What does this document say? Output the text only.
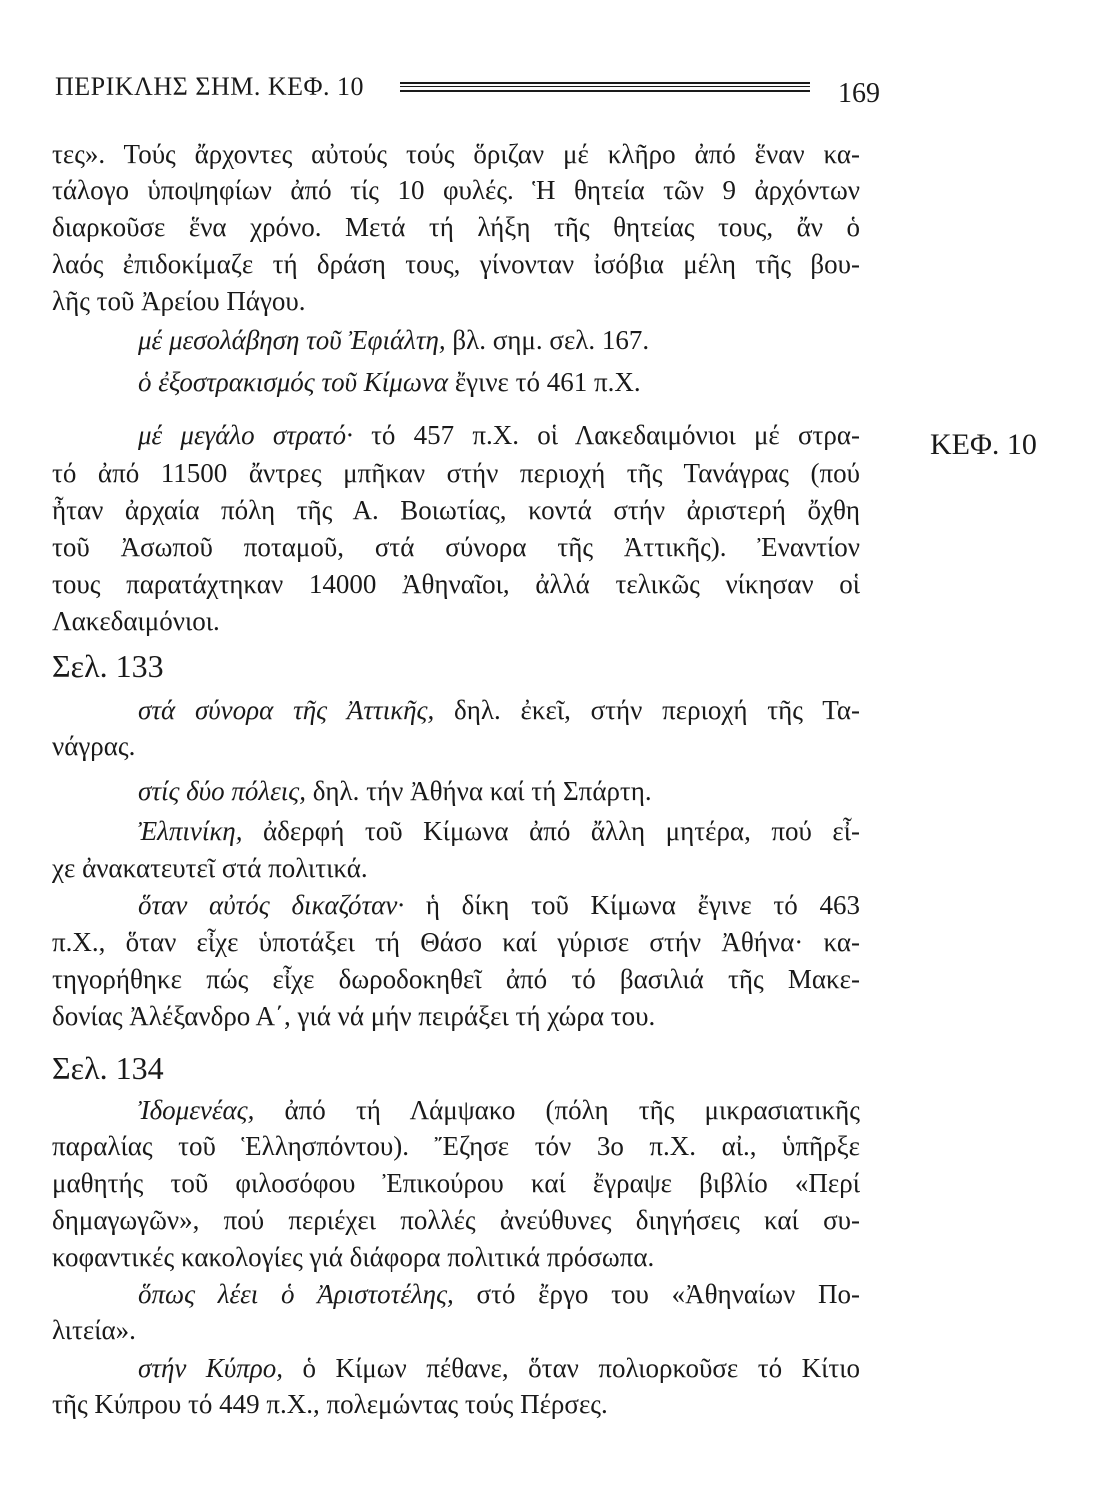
ΠΕΡΙΚΛΗΣ ΣΗΜ. ΚΕΦ. 10	169
ΚΕΦ. 10
τες». Τούς ἄρχοντες αὐτούς τούς ὅριζαν μέ κλῆρο ἀπό ἕναν κα-
τάλογο ὑποψηφίων ἀπό τίς 10 φυλές. Ἡ θητεία τῶν 9 ἀρχόντων
διαρκοῦσε ἕνα χρόνο. Μετά τή λήξη τῆς θητείας τους, ἄν ὁ
λαός ἐπιδοκίμαζε τή δράση τους, γίνονταν ἰσόβια μέλη τῆς βου-
λῆς τοῦ Ἀρείου Πάγου.
μέ μεσολάβηση τοῦ Ἐφιάλτη, βλ. σημ. σελ. 167.
ὁ ἐξοστρακισμός τοῦ Κίμωνα ἔγινε τό 461 π.Χ.
μέ μεγάλο στρατό· τό 457 π.Χ. οἱ Λακεδαιμόνιοι μέ στρα-
τό ἀπό 11500 ἄντρες μπῆκαν στήν περιοχή τῆς Τανάγρας (πού
ἦταν ἀρχαία πόλη τῆς Α. Βοιωτίας, κοντά στήν ἀριστερή ὄχθη
τοῦ Ἀσωποῦ ποταμοῦ, στά σύνορα τῆς Ἀττικῆς). Ἐναντίον
τους παρατάχτηκαν 14000 Ἀθηναῖοι, ἀλλά τελικῶς νίκησαν οἱ
Λακεδαιμόνιοι.
Σελ. 133
στά σύνορα τῆς Ἀττικῆς, δηλ. ἐκεῖ, στήν περιοχή τῆς Τα-
νάγρας.
στίς δύο πόλεις, δηλ. τήν Ἀθήνα καί τή Σπάρτη.
Ἐλπινίκη, ἀδερφή τοῦ Κίμωνα ἀπό ἄλλη μητέρα, πού εἶ-
χε ἀνακατευτεῖ στά πολιτικά.
ὅταν αὐτός δικαζόταν· ἡ δίκη τοῦ Κίμωνα ἔγινε τό 463
π.Χ., ὅταν εἶχε ὑποτάξει τή Θάσο καί γύρισε στήν Ἀθήνα· κα-
τηγορήθηκε πώς εἶχε δωροδοκηθεῖ ἀπό τό βασιλιά τῆς Μακε-
δονίας Ἀλέξανδρο Α΄, γιά νά μήν πειράξει τή χώρα του.
Σελ. 134
Ἰδομενέας, ἀπό τή Λάμψακο (πόλη τῆς μικρασιατικῆς
παραλίας τοῦ Ἑλλησπόντου). Ἔζησε τόν 3ο π.Χ. αἰ., ὑπῆρξε
μαθητής τοῦ φιλοσόφου Ἐπικούρου καί ἔγραψε βιβλίο «Περί
δημαγωγῶν», πού περιέχει πολλές ἀνεύθυνες διηγήσεις καί συ-
κοφαντικές κακολογίες γιά διάφορα πολιτικά πρόσωπα.
ὅπως λέει ὁ Ἀριστοτέλης, στό ἔργο του «Ἀθηναίων Πο-
λιτεία».
στήν Κύπρο, ὁ Κίμων πέθανε, ὅταν πολιορκοῦσε τό Κίτιο
τῆς Κύπρου τό 449 π.Χ., πολεμώντας τούς Πέρσες.
